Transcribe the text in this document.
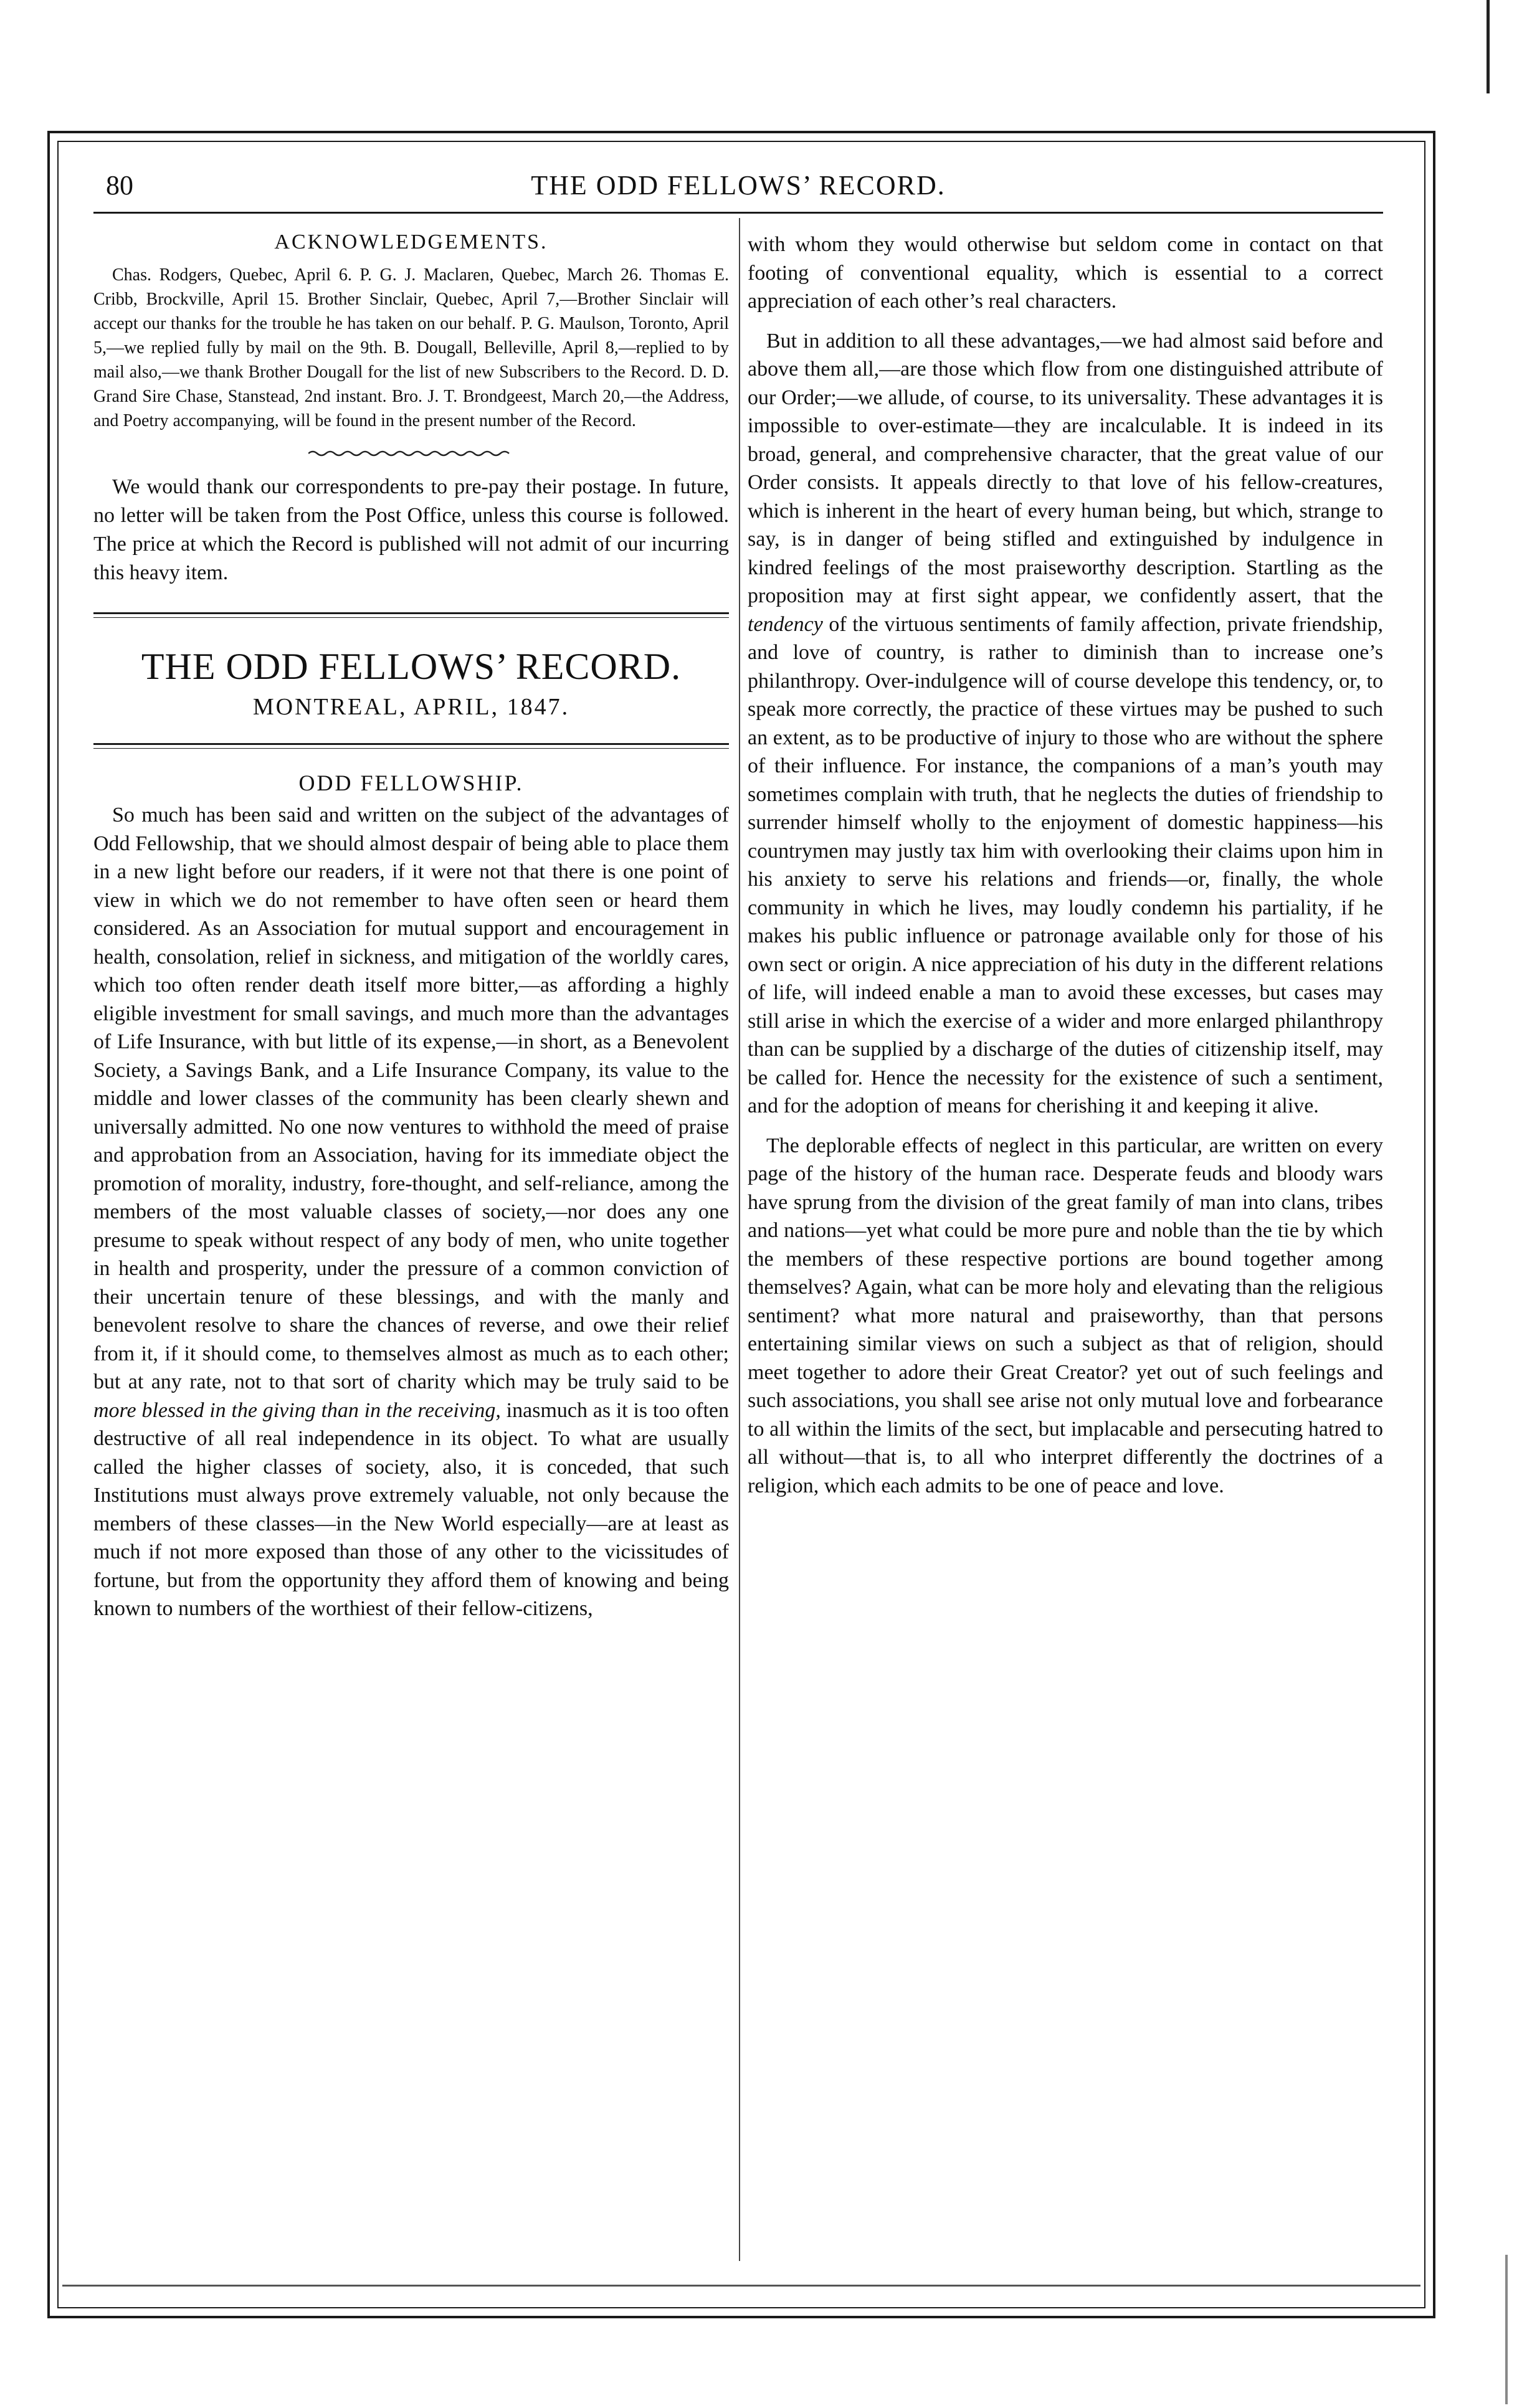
80	THE ODD FELLOWS’ RECORD.
ACKNOWLEDGEMENTS.

Chas. Rodgers, Quebec, April 6. P. G. J. Maclaren, Quebec, March 26. Thomas E. Cribb, Brockville, April 15. Brother Sinclair, Quebec, April 7,—Brother Sinclair will accept our thanks for the trouble he has taken on our behalf. P. G. Maulson, Toronto, April 5,—we replied fully by mail on the 9th. B. Dougall, Belleville, April 8,—replied to by mail also,—we thank Brother Dougall for the list of new Subscribers to the Record. D. D. Grand Sire Chase, Stanstead, 2nd instant. Bro. J. T. Brondgeest, March 20,—the Address, and Poetry accompanying, will be found in the present number of the Record.

We would thank our correspondents to pre-pay their postage. In future, no letter will be taken from the Post Office, unless this course is followed. The price at which the Record is published will not admit of our incurring this heavy item.

THE ODD FELLOWS’ RECORD.
MONTREAL, APRIL, 1847.
ODD FELLOWSHIP.

So much has been said and written on the subject of the advantages of Odd Fellowship, that we should almost despair of being able to place them in a new light before our readers, if it were not that there is one point of view in which we do not remember to have often seen or heard them considered. As an Association for mutual support and encouragement in health, consolation, relief in sickness, and mitigation of the worldly cares, which too often render death itself more bitter,—as affording a highly eligible investment for small savings, and much more than the advantages of Life Insurance, with but little of its expense,—in short, as a Benevolent Society, a Savings Bank, and a Life Insurance Company, its value to the middle and lower classes of the community has been clearly shewn and universally admitted. No one now ventures to withhold the meed of praise and approbation from an Association, having for its immediate object the promotion of morality, industry, fore-thought, and self-reliance, among the members of the most valuable classes of society,—nor does any one presume to speak without respect of any body of men, who unite together in health and prosperity, under the pressure of a common conviction of their uncertain tenure of these blessings, and with the manly and benevolent resolve to share the chances of reverse, and owe their relief from it, if it should come, to themselves almost as much as to each other; but at any rate, not to that sort of charity which may be truly said to be more blessed in the giving than in the receiving, inasmuch as it is too often destructive of all real independence in its object. To what are usually called the higher classes of society, also, it is conceded, that such Institutions must always prove extremely valuable, not only because the members of these classes—in the New World especially—are at least as much if not more exposed than those of any other to the vicissitudes of fortune, but from the opportunity they afford them of knowing and being known to numbers of the worthiest of their fellow-citizens,

with whom they would otherwise but seldom come in contact on that footing of conventional equality, which is essential to a correct appreciation of each other’s real characters.

But in addition to all these advantages,—we had almost said before and above them all,—are those which flow from one distinguished attribute of our Order;—we allude, of course, to its universality. These advantages it is impossible to over-estimate—they are incalculable. It is indeed in its broad, general, and comprehensive character, that the great value of our Order consists. It appeals directly to that love of his fellow-creatures, which is inherent in the heart of every human being, but which, strange to say, is in danger of being stifled and extinguished by indulgence in kindred feelings of the most praiseworthy description. Startling as the proposition may at first sight appear, we confidently assert, that the tendency of the virtuous sentiments of family affection, private friendship, and love of country, is rather to diminish than to increase one’s philanthropy. Over-indulgence will of course develope this tendency, or, to speak more correctly, the practice of these virtues may be pushed to such an extent, as to be productive of injury to those who are without the sphere of their influence. For instance, the companions of a man’s youth may sometimes complain with truth, that he neglects the duties of friendship to surrender himself wholly to the enjoyment of domestic happiness—his countrymen may justly tax him with overlooking their claims upon him in his anxiety to serve his relations and friends—or, finally, the whole community in which he lives, may loudly condemn his partiality, if he makes his public influence or patronage available only for those of his own sect or origin. A nice appreciation of his duty in the different relations of life, will indeed enable a man to avoid these excesses, but cases may still arise in which the exercise of a wider and more enlarged philanthropy than can be supplied by a discharge of the duties of citizenship itself, may be called for. Hence the necessity for the existence of such a sentiment, and for the adoption of means for cherishing it and keeping it alive.

The deplorable effects of neglect in this particular, are written on every page of the history of the human race. Desperate feuds and bloody wars have sprung from the division of the great family of man into clans, tribes and nations—yet what could be more pure and noble than the tie by which the members of these respective portions are bound together among themselves? Again, what can be more holy and elevating than the religious sentiment? what more natural and praiseworthy, than that persons entertaining similar views on such a subject as that of religion, should meet together to adore their Great Creator? yet out of such feelings and such associations, you shall see arise not only mutual love and forbearance to all within the limits of the sect, but implacable and persecuting hatred to all without—that is, to all who interpret differently the doctrines of a religion, which each admits to be one of peace and love.
